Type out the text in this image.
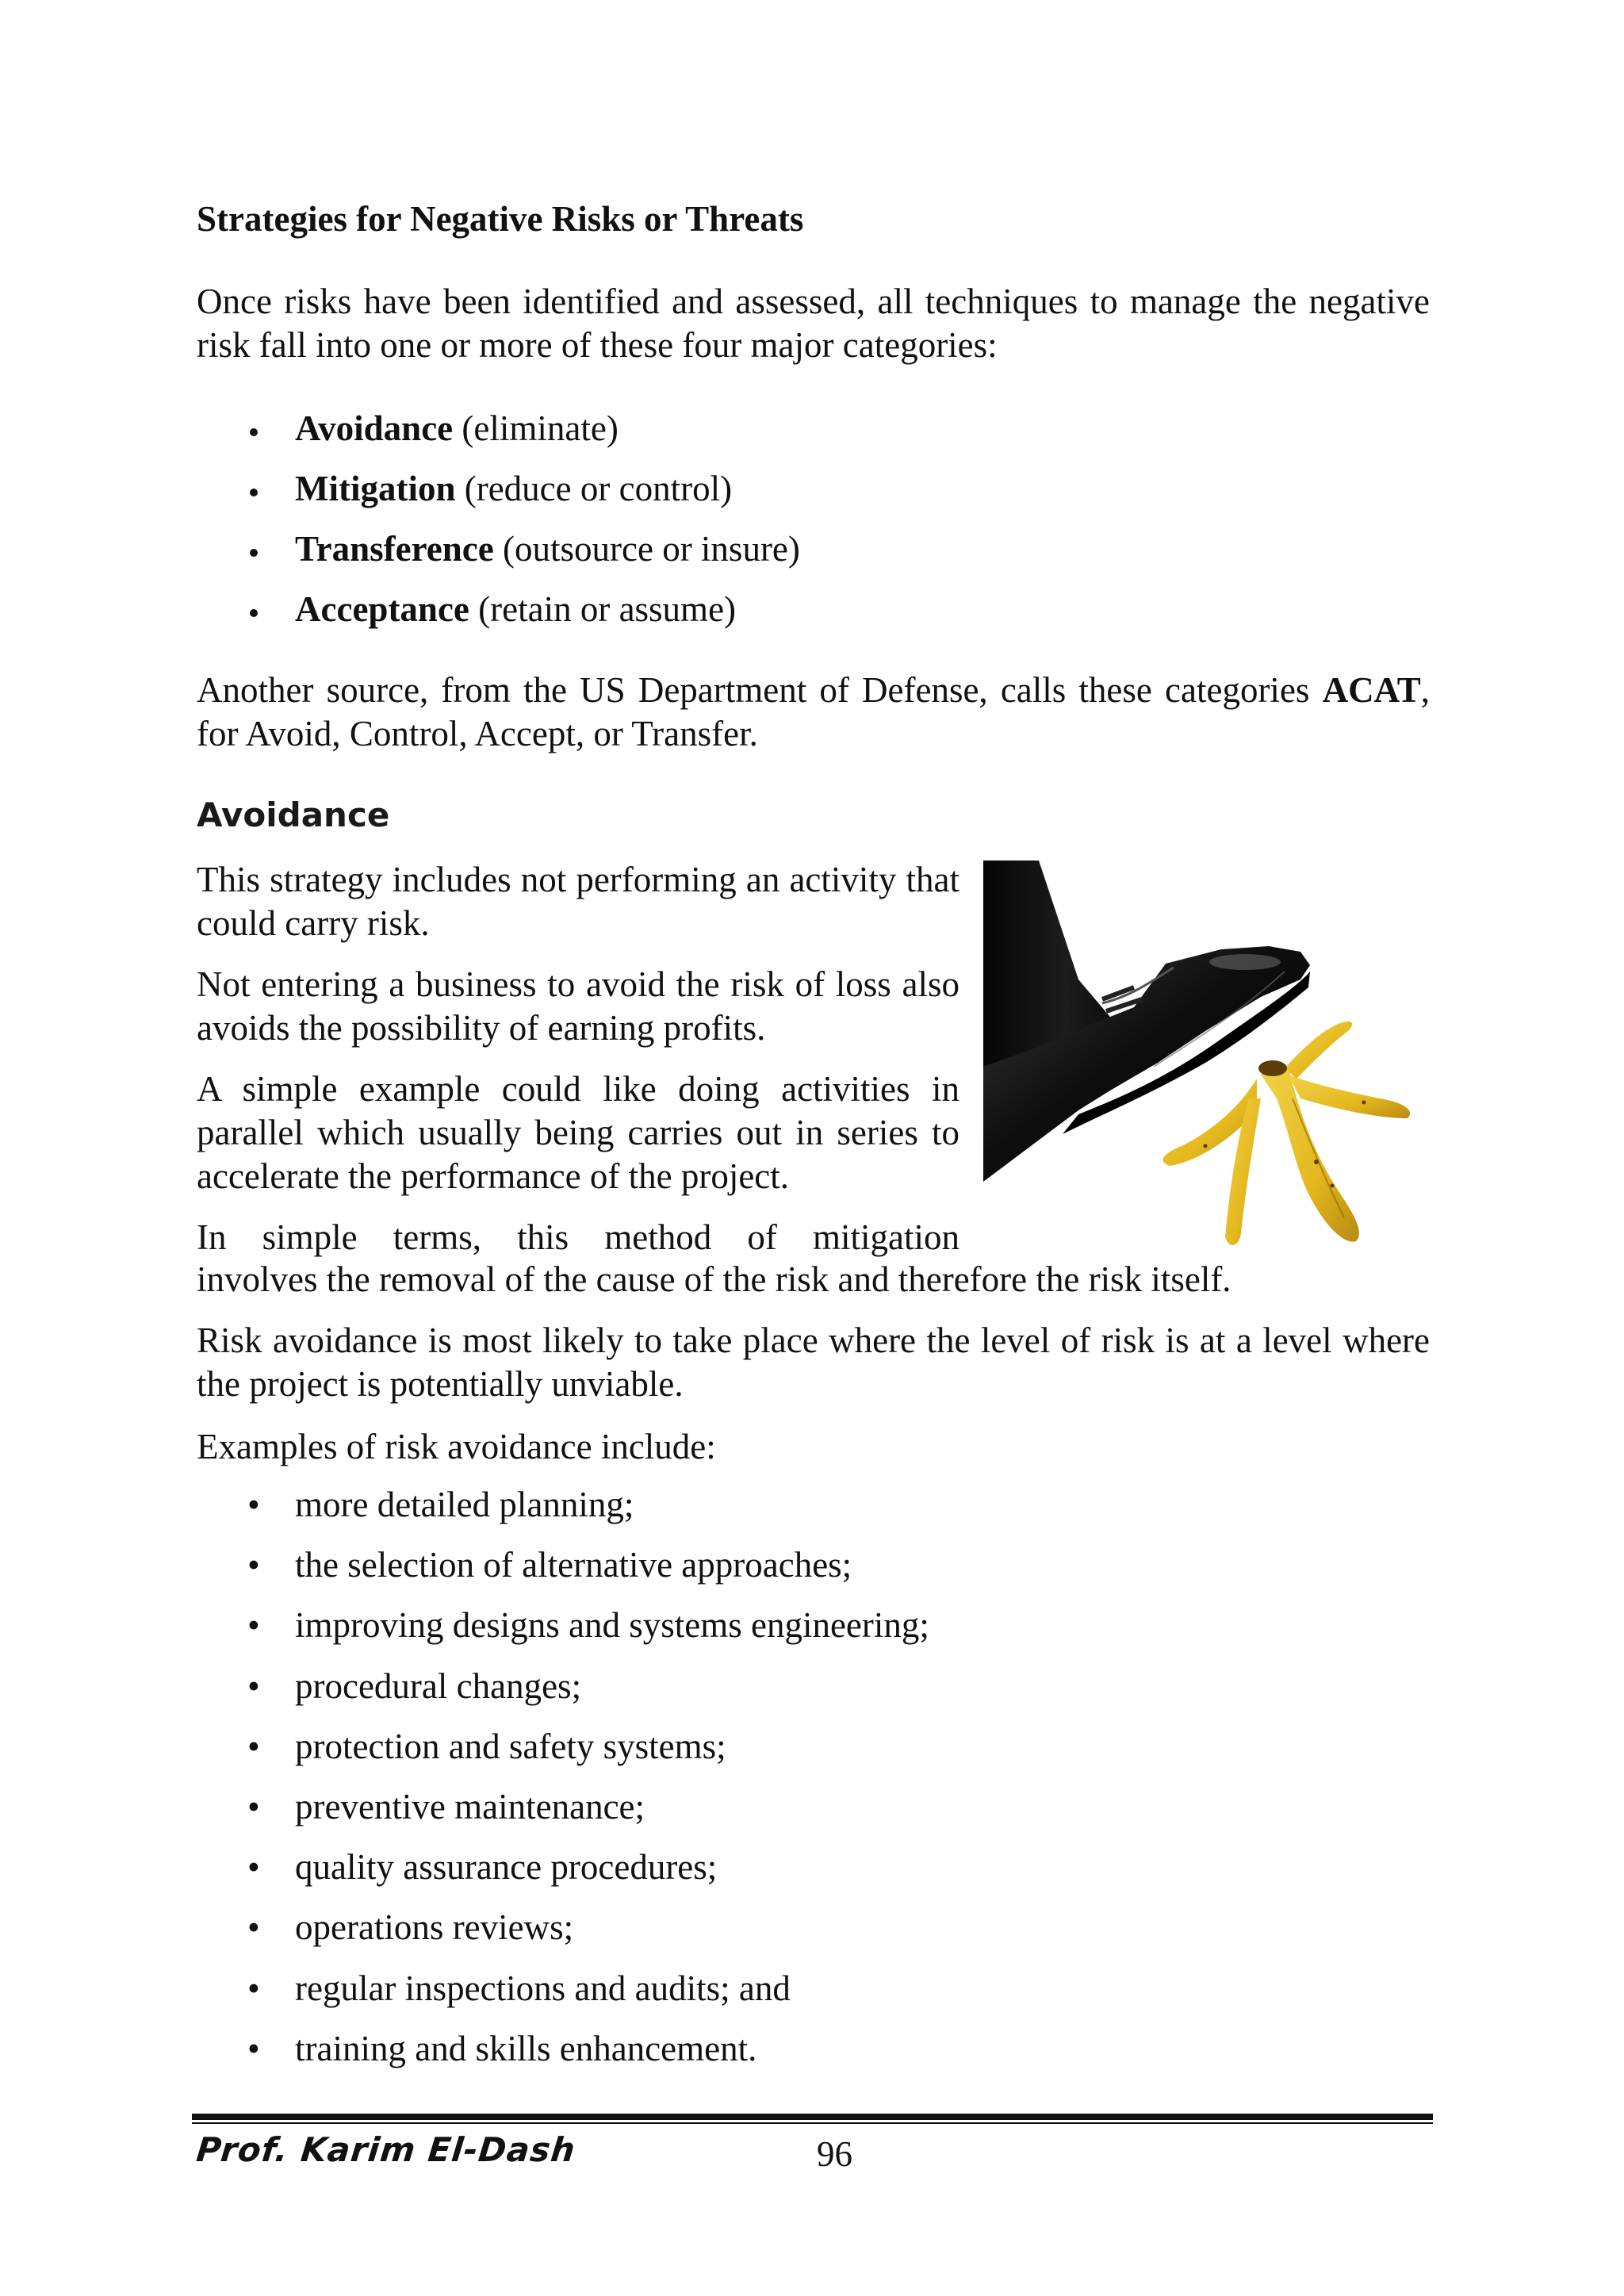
Strategies for Negative Risks or Threats

Once risks have been identified and assessed, all techniques to manage the negative risk fall into one or more of these four major categories:

Avoidance (eliminate)
Mitigation (reduce or control)
Transference (outsource or insure)
Acceptance (retain or assume)

Another source, from the US Department of Defense, calls these categories ACAT, for Avoid, Control, Accept, or Transfer.

Avoidance

This strategy includes not performing an activity that could carry risk.

Not entering a business to avoid the risk of loss also avoids the possibility of earning profits.

A simple example could like doing activities in parallel which usually being carries out in series to accelerate the performance of the project.

In simple terms, this method of mitigation

involves the removal of the cause of the risk and therefore the risk itself.

Risk avoidance is most likely to take place where the level of risk is at a level where the project is potentially unviable.

Examples of risk avoidance include:

• more detailed planning;
• the selection of alternative approaches;
• improving designs and systems engineering;
• procedural changes;
• protection and safety systems;
• preventive maintenance;
• quality assurance procedures;
• operations reviews;
• regular inspections and audits; and
• training and skills enhancement.
Prof. Karim El-Dash	96
